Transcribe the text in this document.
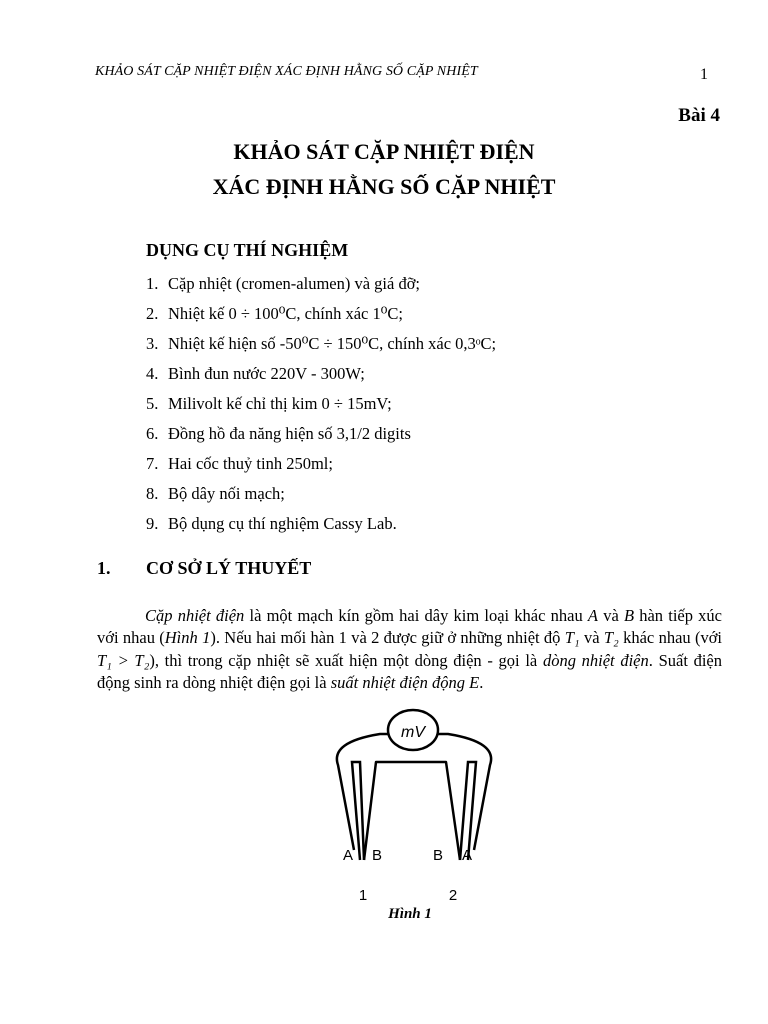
KHẢO SÁT CẶP NHIỆT ĐIỆN XÁC ĐỊNH HẰNG SỐ CẶP NHIỆT	1
Bài 4
KHẢO SÁT CẶP NHIỆT ĐIỆN
XÁC ĐỊNH HẰNG SỐ CẶP NHIỆT
DỤNG CỤ THÍ NGHIỆM
1. Cặp nhiệt (cromen-alumen) và giá đỡ;
2. Nhiệt kế 0 ÷ 100⁰C, chính xác 1⁰C;
3. Nhiệt kế hiện số -50⁰C ÷ 150⁰C, chính xác 0,3ᵒC;
4. Bình đun nước 220V - 300W;
5. Milivolt kế chỉ thị kim 0 ÷ 15mV;
6. Đồng hồ đa năng hiện số 3,1/2 digits
7. Hai cốc thuỷ tinh 250ml;
8. Bộ dây nối mạch;
9. Bộ dụng cụ thí nghiệm Cassy Lab.
1. CƠ SỞ LÝ THUYẾT

Cặp nhiệt điện là một mạch kín gồm hai dây kim loại khác nhau A và B hàn tiếp xúc với nhau (Hình 1). Nếu hai mối hàn 1 và 2 được giữ ở những nhiệt độ T₁ và T₂ khác nhau (với T₁ > T₂), thì trong cặp nhiệt sẽ xuất hiện một dòng điện - gọi là dòng nhiệt điện. Suất điện động sinh ra dòng nhiệt điện gọi là suất nhiệt điện động E.

mV
A B	B A
1	2
Hình 1
